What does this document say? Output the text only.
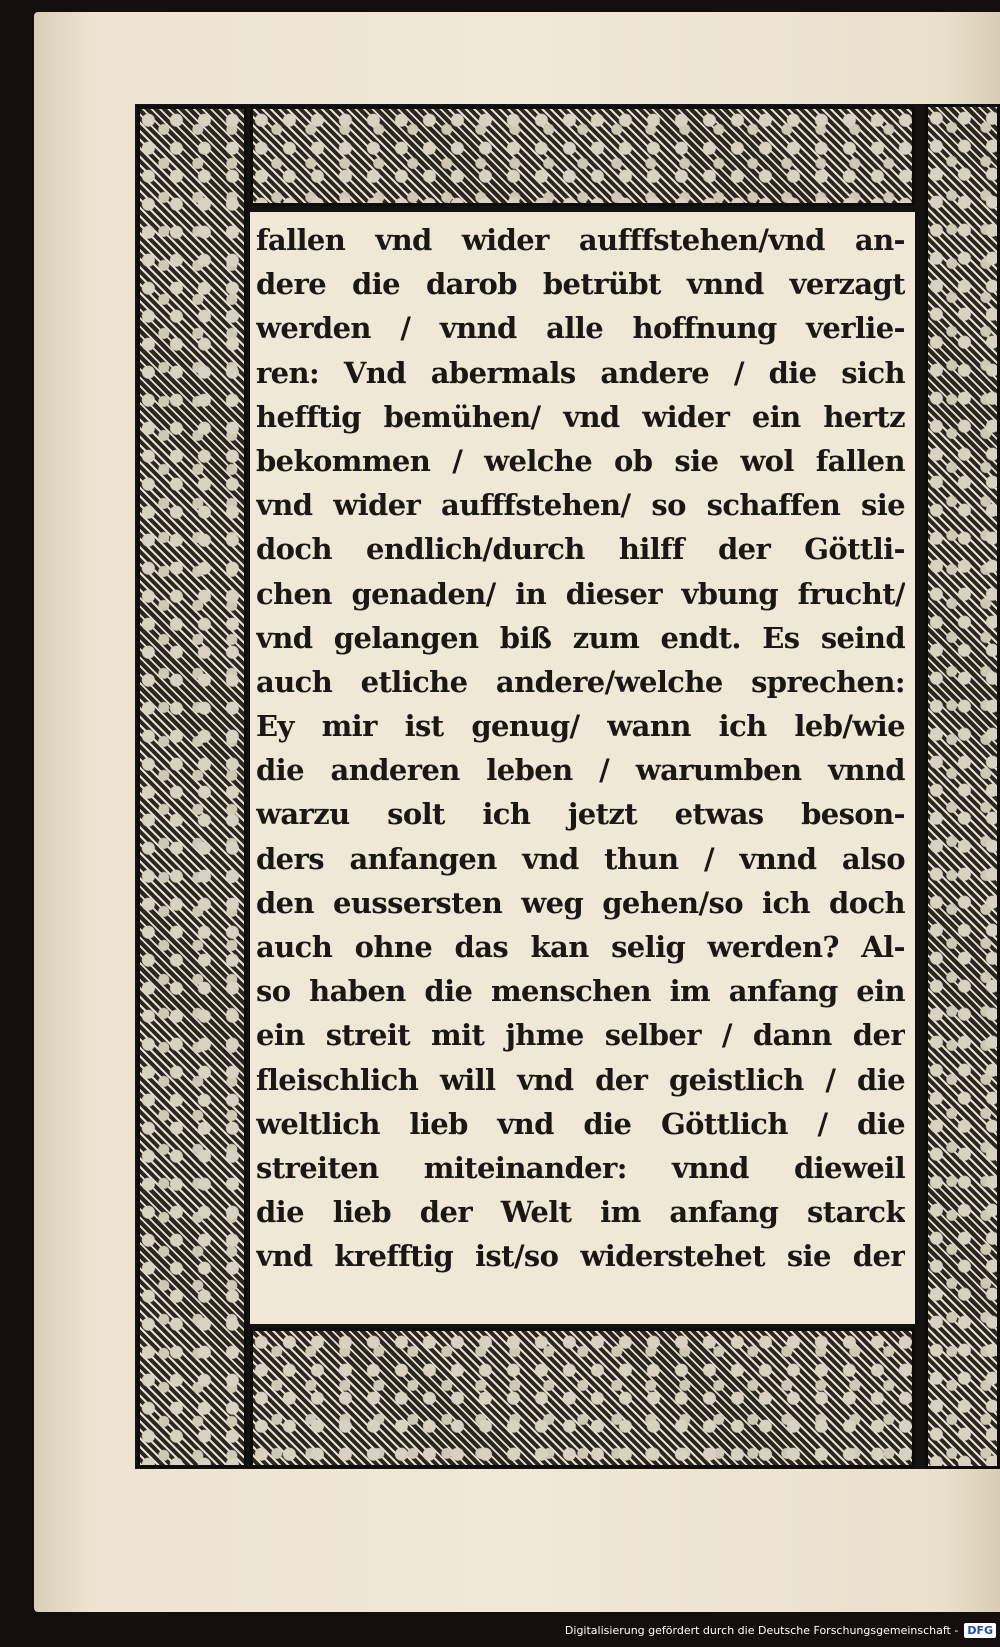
fallen vnd wider aufffstehen/vnd an-
dere die darob betrübt vnnd verzagt
werden / vnnd alle hoffnung verlie-
ren: Vnd abermals andere / die sich
hefftig bemühen/ vnd wider ein hertz
bekommen / welche ob sie wol fallen
vnd wider aufffstehen/ so schaffen sie
doch endlich/durch hilff der Göttli-
chen genaden/ in dieser vbung frucht/
vnd gelangen biß zum endt. Es seind
auch etliche andere/welche sprechen:
Ey mir ist genug/ wann ich leb/wie
die anderen leben / warumben vnnd
warzu solt ich jetzt etwas beson-
ders anfangen vnd thun / vnnd also
den eussersten weg gehen/so ich doch
auch ohne das kan selig werden? Al-
so haben die menschen im anfang ein
ein streit mit jhme selber / dann der
fleischlich will vnd der geistlich / die
weltlich lieb vnd die Göttlich / die
streiten miteinander: vnnd dieweil
die lieb der Welt im anfang starck
vnd krefftig ist/so widerstehet sie der
Digitalisierung gefördert durch die Deutsche Forschungsgemeinschaft - DFG
